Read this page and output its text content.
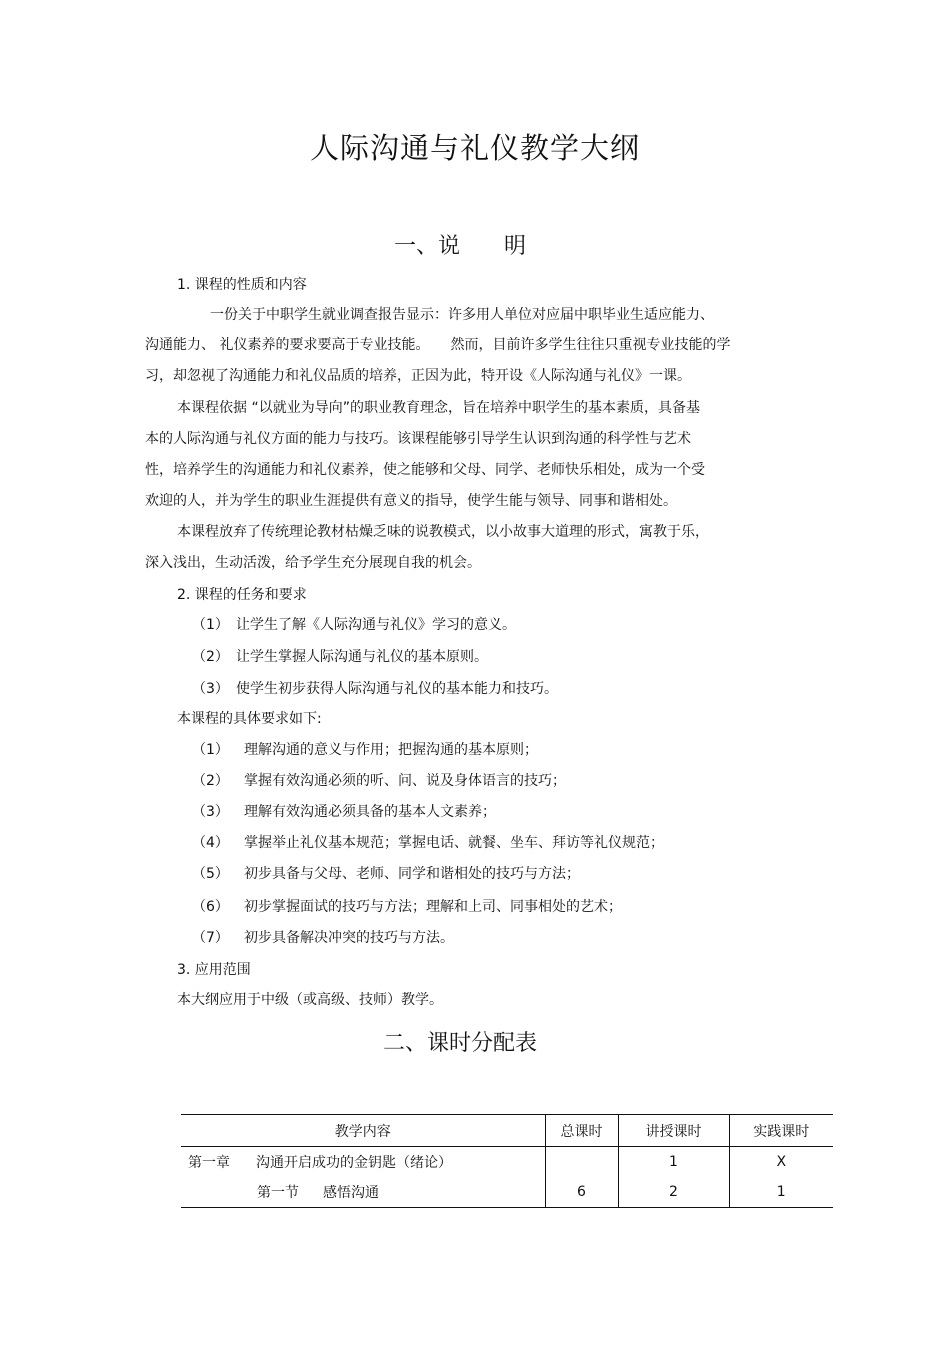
人际沟通与礼仪教学大纲
一、说　　明
1. 课程的性质和内容
一份关于中职学生就业调查报告显示：许多用人单位对应届中职毕业生适应能力、
沟通能力、 礼仪素养的要求要高于专业技能。　　然而，目前许多学生往往只重视专业技能的学
习，却忽视了沟通能力和礼仪品质的培养，正因为此，特开设《人际沟通与礼仪》一课。
本课程依据 “以就业为导向”的职业教育理念，旨在培养中职学生的基本素质，具备基
本的人际沟通与礼仪方面的能力与技巧。该课程能够引导学生认识到沟通的科学性与艺术
性，培养学生的沟通能力和礼仪素养，使之能够和父母、同学、老师快乐相处，成为一个受
欢迎的人，并为学生的职业生涯提供有意义的指导，使学生能与领导、同事和谐相处。
本课程放弃了传统理论教材枯燥乏味的说教模式，以小故事大道理的形式，寓教于乐，
深入浅出，生动活泼，给予学生充分展现自我的机会。
2. 课程的任务和要求
（1） 让学生了解《人际沟通与礼仪》学习的意义。
（2） 让学生掌握人际沟通与礼仪的基本原则。
（3） 使学生初步获得人际沟通与礼仪的基本能力和技巧。
本课程的具体要求如下:
（1） 理解沟通的意义与作用；把握沟通的基本原则；
（2） 掌握有效沟通必须的听、问、说及身体语言的技巧；
（3） 理解有效沟通必须具备的基本人文素养；
（4） 掌握举止礼仪基本规范；掌握电话、就餐、坐车、拜访等礼仪规范；
（5） 初步具备与父母、老师、同学和谐相处的技巧与方法；
（6） 初步掌握面试的技巧与方法；理解和上司、同事相处的艺术；
（7） 初步具备解决冲突的技巧与方法。
3. 应用范围
本大纲应用于中级（或高级、技师）教学。
二、课时分配表
教学内容	总课时	讲授课时	实践课时
第一章 沟通开启成功的金钥匙（绪论）		1	X
第一节 感悟沟通	6	2	1
